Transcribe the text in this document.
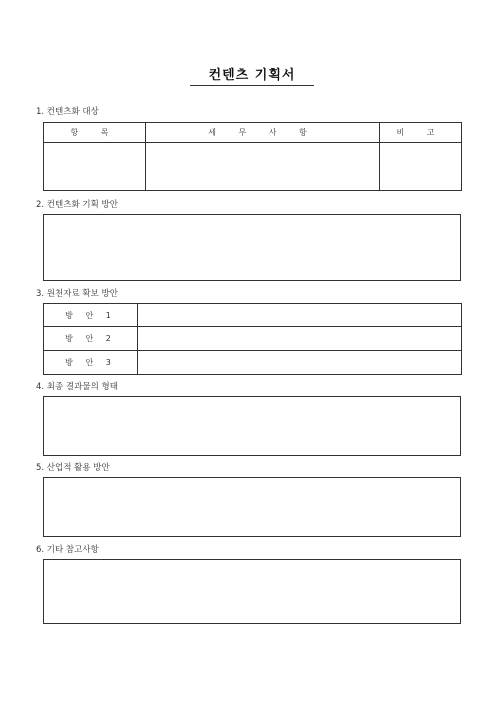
컨텐츠 기획서
1. 컨텐츠화 대상
항 목	세 무 사 항	비 고

2. 컨텐츠화 기획 방안
3. 원천자료 확보 방안
방 안 1	
방 안 2	
방 안 3	
4. 최종 결과물의 형태
5. 산업적 활용 방안
6. 기타 참고사항
